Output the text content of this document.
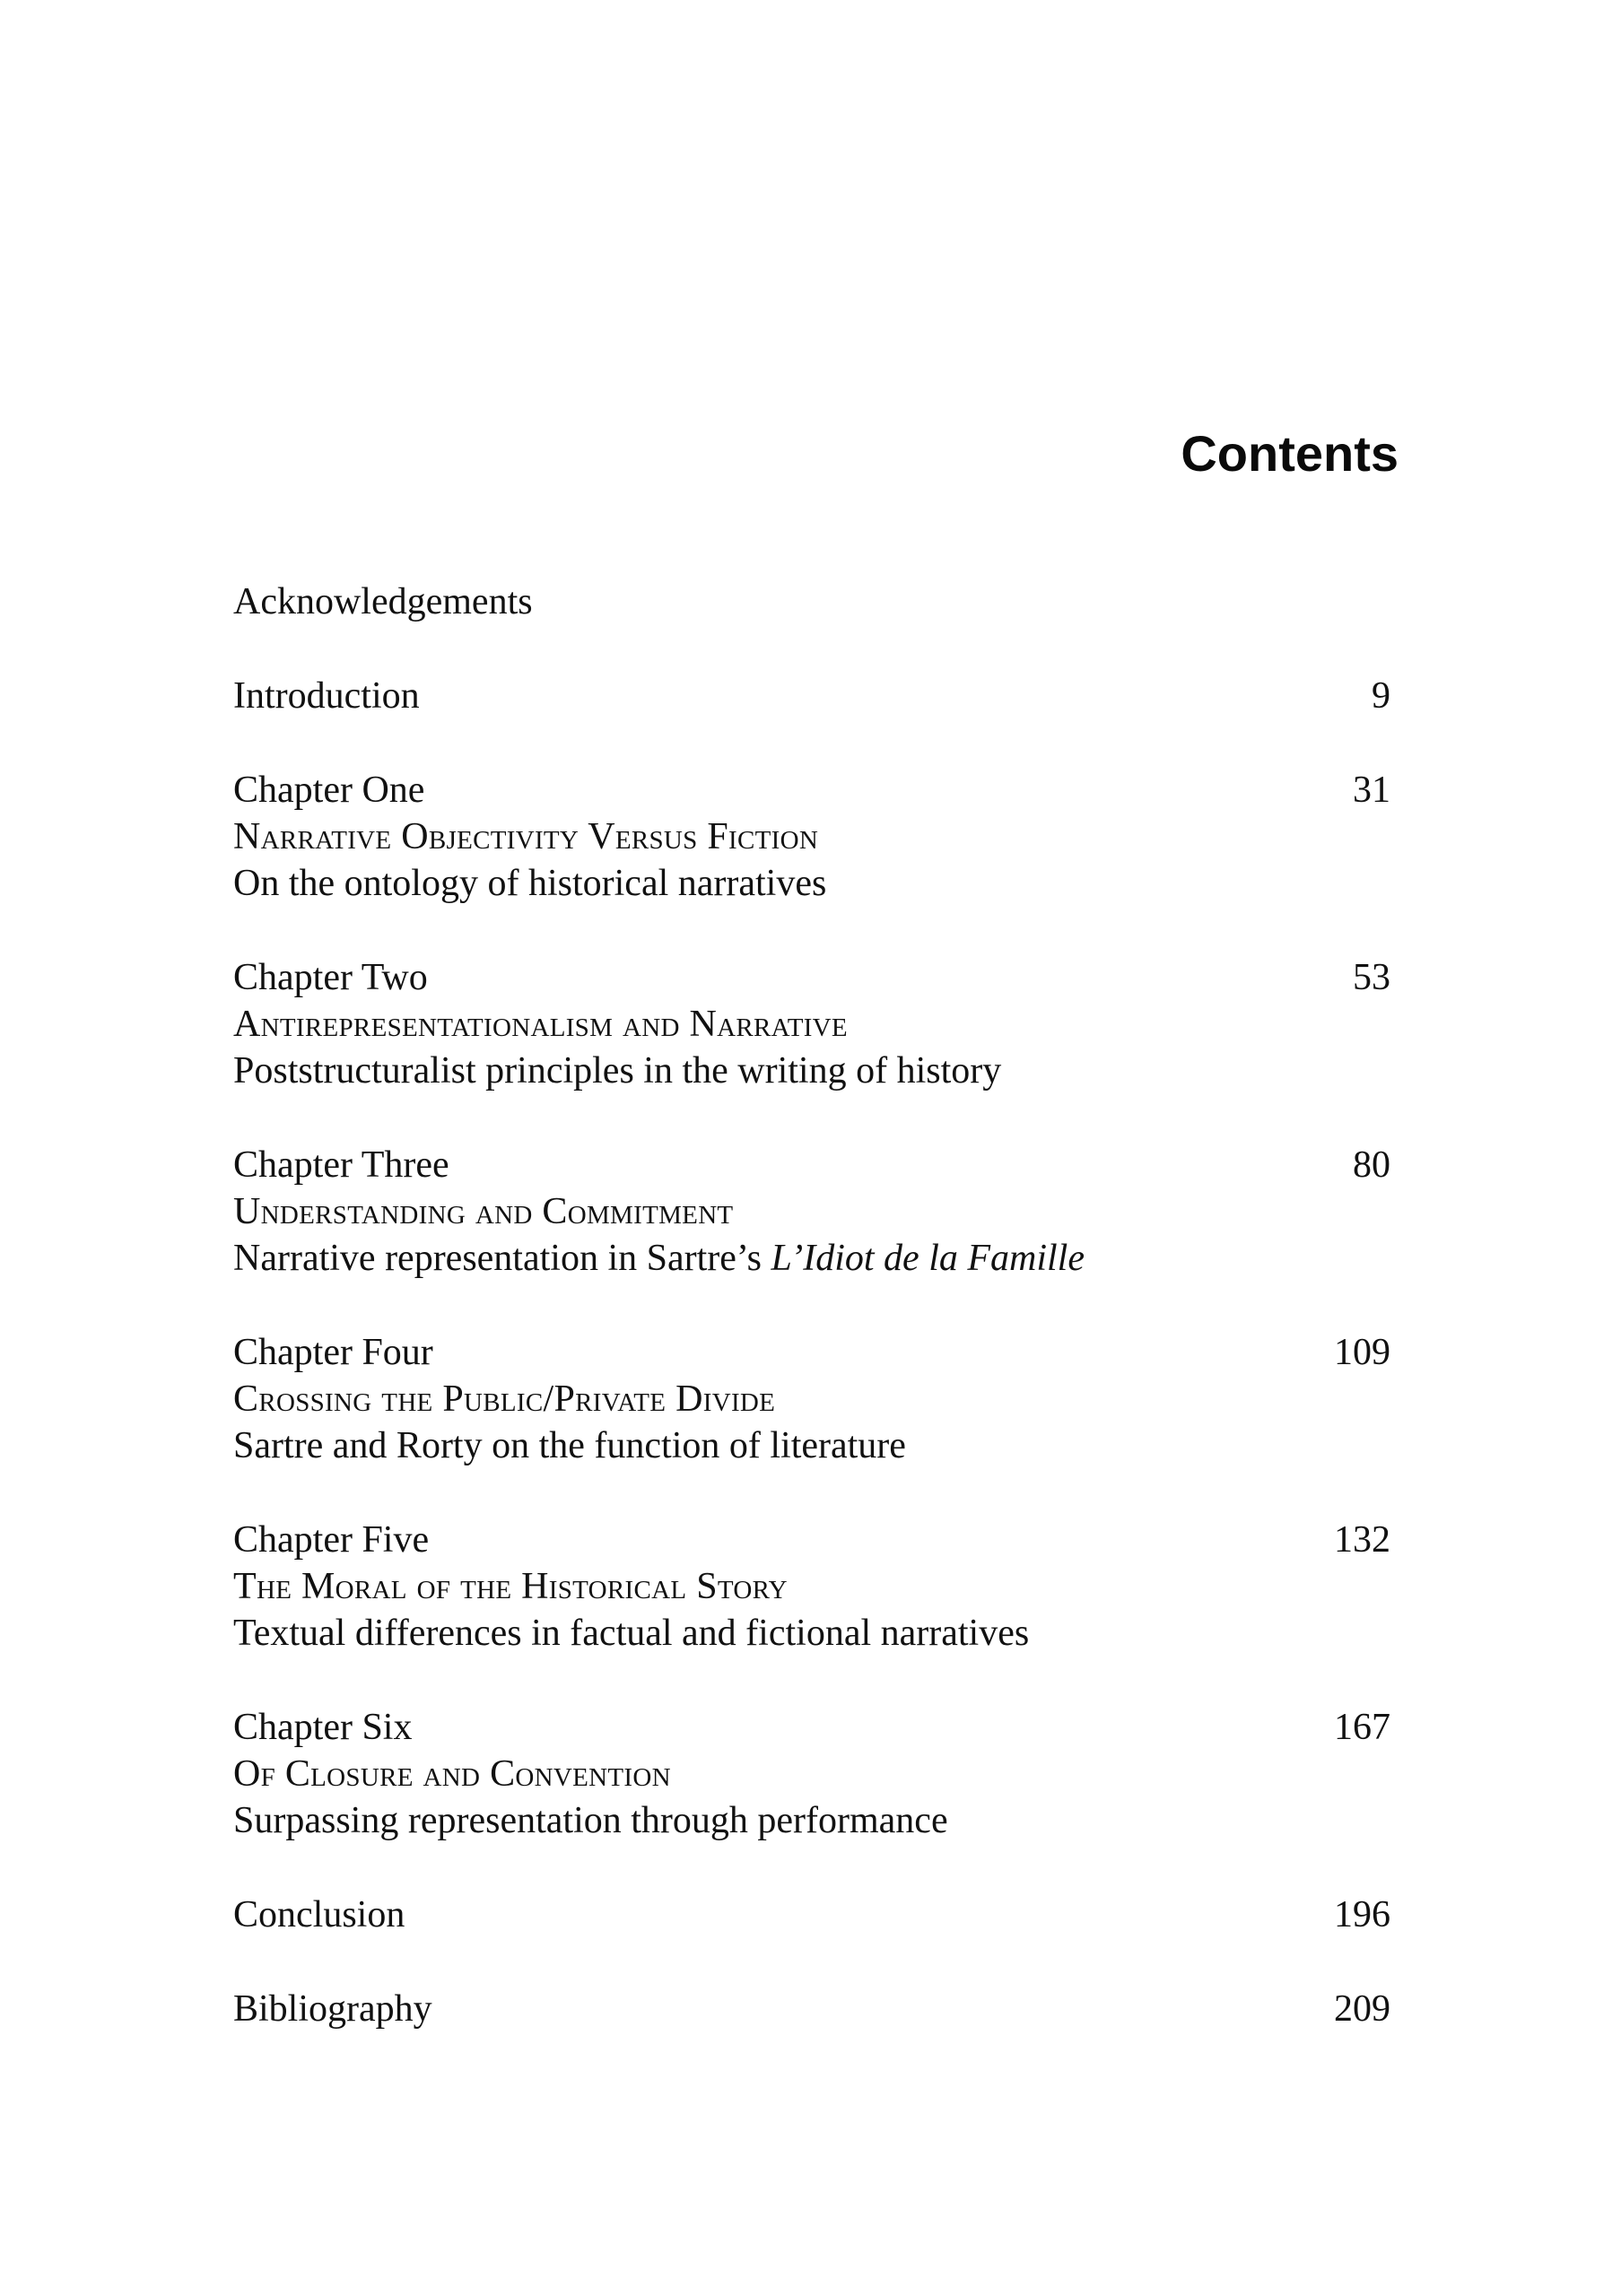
Contents
Acknowledgements
Introduction	9
Chapter One	31
Narrative Objectivity Versus Fiction
On the ontology of historical narratives
Chapter Two	53
Antirepresentationalism and Narrative
Poststructuralist principles in the writing of history
Chapter Three	80
Understanding and Commitment
Narrative representation in Sartre’s L’Idiot de la Famille
Chapter Four	109
Crossing the Public/Private Divide
Sartre and Rorty on the function of literature
Chapter Five	132
The Moral of the Historical Story
Textual differences in factual and fictional narratives
Chapter Six	167
Of Closure and Convention
Surpassing representation through performance
Conclusion	196
Bibliography	209
